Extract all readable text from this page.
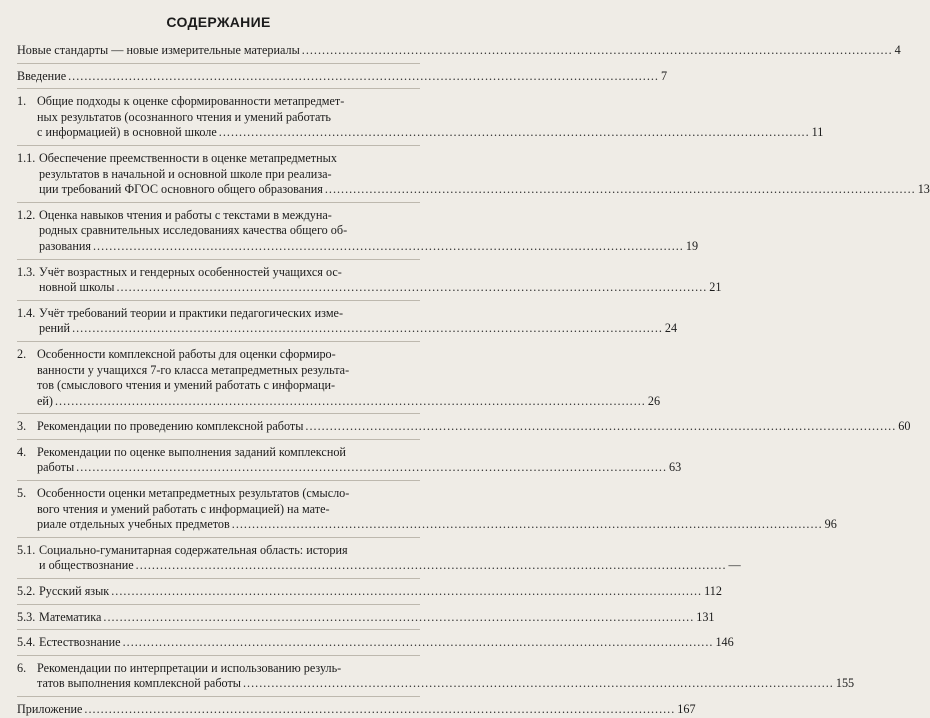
СОДЕРЖАНИЕ
Новые стандарты — новые измерительные материалы .................................................................................................................................................. 4
Введение .................................................................................................................................................. 7
1. Общие подходы к оценке сформированности метапредмет-
ных результатов (осознанного чтения и умений работать
с информацией) в основной школе .................................................................................................................................................. 11
1.1. Обеспечение преемственности в оценке метапредметных
результатов в начальной и основной школе при реализа-
ции требований ФГОС основного общего образования .................................................................................................................................................. 13
1.2. Оценка навыков чтения и работы с текстами в междуна-
родных сравнительных исследованиях качества общего об-
разования .................................................................................................................................................. 19
1.3. Учёт возрастных и гендерных особенностей учащихся ос-
новной школы .................................................................................................................................................. 21
1.4. Учёт требований теории и практики педагогических изме-
рений .................................................................................................................................................. 24
2. Особенности комплексной работы для оценки сформиро-
ванности у учащихся 7-го класса метапредметных результа-
тов (смыслового чтения и умений работать с информаци-
ей) .................................................................................................................................................. 26
3. Рекомендации по проведению комплексной работы .................................................................................................................................................. 60
4. Рекомендации по оценке выполнения заданий комплексной
работы .................................................................................................................................................. 63
5. Особенности оценки метапредметных результатов (смысло-
вого чтения и умений работать с информацией) на мате-
риале отдельных учебных предметов .................................................................................................................................................. 96
5.1. Социально-гуманитарная содержательная область: история
и обществознание .................................................................................................................................................. —
5.2. Русский язык .................................................................................................................................................. 112
5.3. Математика .................................................................................................................................................. 131
5.4. Естествознание .................................................................................................................................................. 146
6. Рекомендации по интерпретации и использованию резуль-
татов выполнения комплексной работы .................................................................................................................................................. 155
Приложение .................................................................................................................................................. 167
